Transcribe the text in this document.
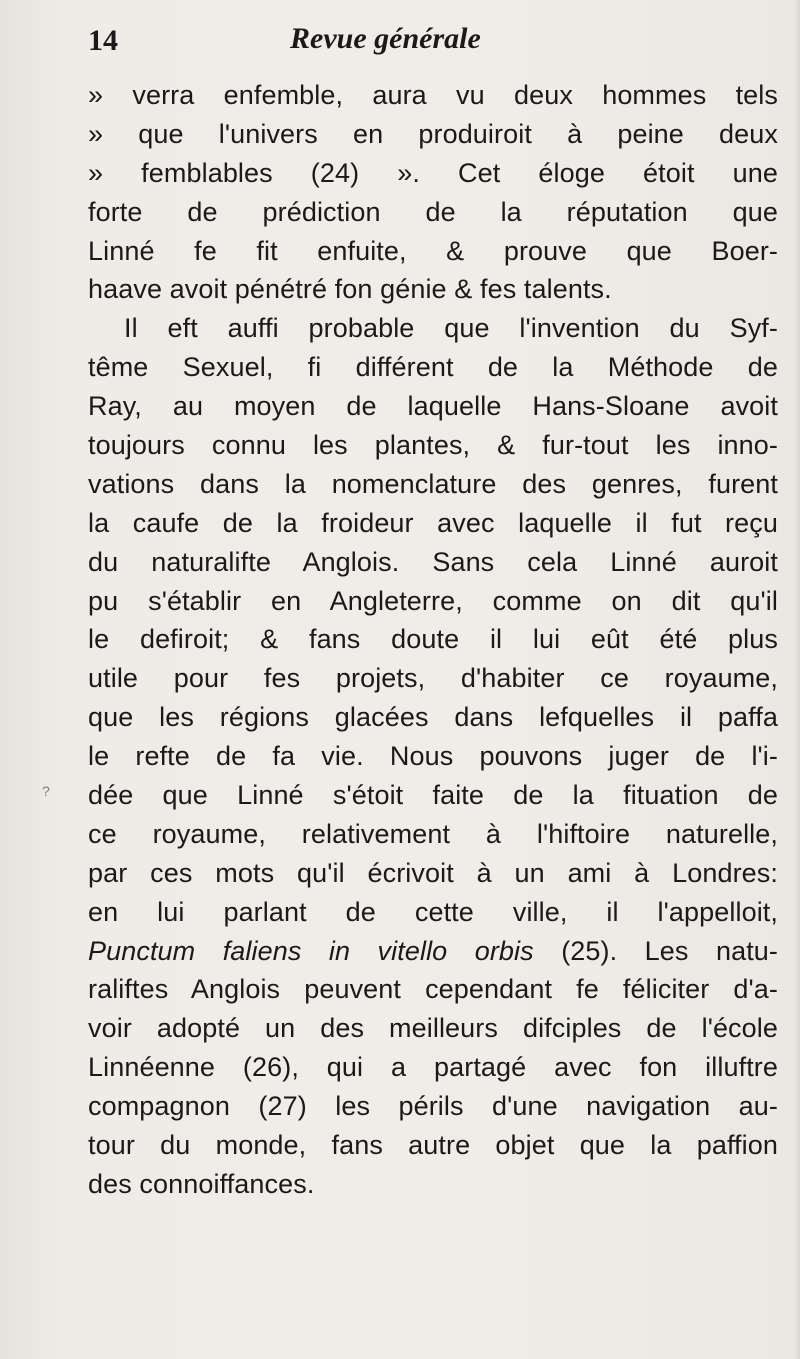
14	Revue générale
» verra enfemble, aura vu deux hommes tels
» que l'univers en produiroit à peine deux
» femblables (24) ». Cet éloge étoit une
forte de prédiction de la réputation que
Linné fe fit enfuite, & prouve que Boer-
haave avoit pénétré fon génie & fes talents.
Il eft auffi probable que l'invention du Syf-
tême Sexuel, fi différent de la Méthode de
Ray, au moyen de laquelle Hans-Sloane avoit
toujours connu les plantes, & fur-tout les inno-
vations dans la nomenclature des genres, furent
la caufe de la froideur avec laquelle il fut reçu
du naturalifte Anglois. Sans cela Linné auroit
pu s'établir en Angleterre, comme on dit qu'il
le defiroit; & fans doute il lui eût été plus
utile pour fes projets, d'habiter ce royaume,
que les régions glacées dans lefquelles il paffa
le refte de fa vie. Nous pouvons juger de l'i-
dée que Linné s'étoit faite de la fituation de
ce royaume, relativement à l'hiftoire naturelle,
par ces mots qu'il écrivoit à un ami à Londres:
en lui parlant de cette ville, il l'appelloit,
Punctum faliens in vitello orbis (25). Les natu-
raliftes Anglois peuvent cependant fe féliciter d'a-
voir adopté un des meilleurs difciples de l'école
Linnéenne (26), qui a partagé avec fon illuftre
compagnon (27) les périls d'une navigation au-
tour du monde, fans autre objet que la paffion
des connoiffances.
?
